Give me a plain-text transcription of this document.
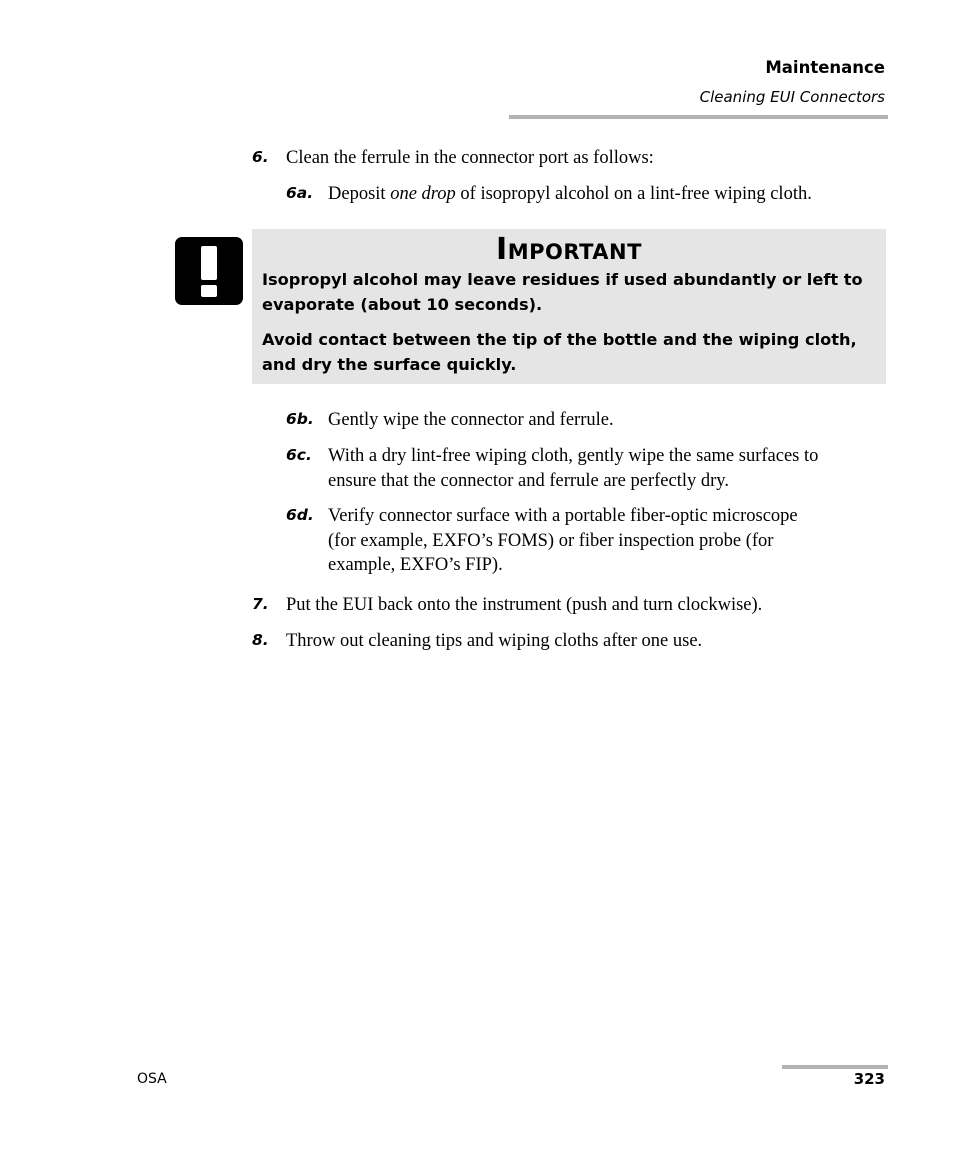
Maintenance
Cleaning EUI Connectors
6. Clean the ferrule in the connector port as follows:
6a. Deposit one drop of isopropyl alcohol on a lint-free wiping cloth.
Important
Isopropyl alcohol may leave residues if used abundantly or left to
evaporate (about 10 seconds).
Avoid contact between the tip of the bottle and the wiping cloth,
and dry the surface quickly.
6b. Gently wipe the connector and ferrule.
6c. With a dry lint-free wiping cloth, gently wipe the same surfaces to
ensure that the connector and ferrule are perfectly dry.
6d. Verify connector surface with a portable fiber-optic microscope
(for example, EXFO’s FOMS) or fiber inspection probe (for
example, EXFO’s FIP).
7. Put the EUI back onto the instrument (push and turn clockwise).
8. Throw out cleaning tips and wiping cloths after one use.
OSA	323
